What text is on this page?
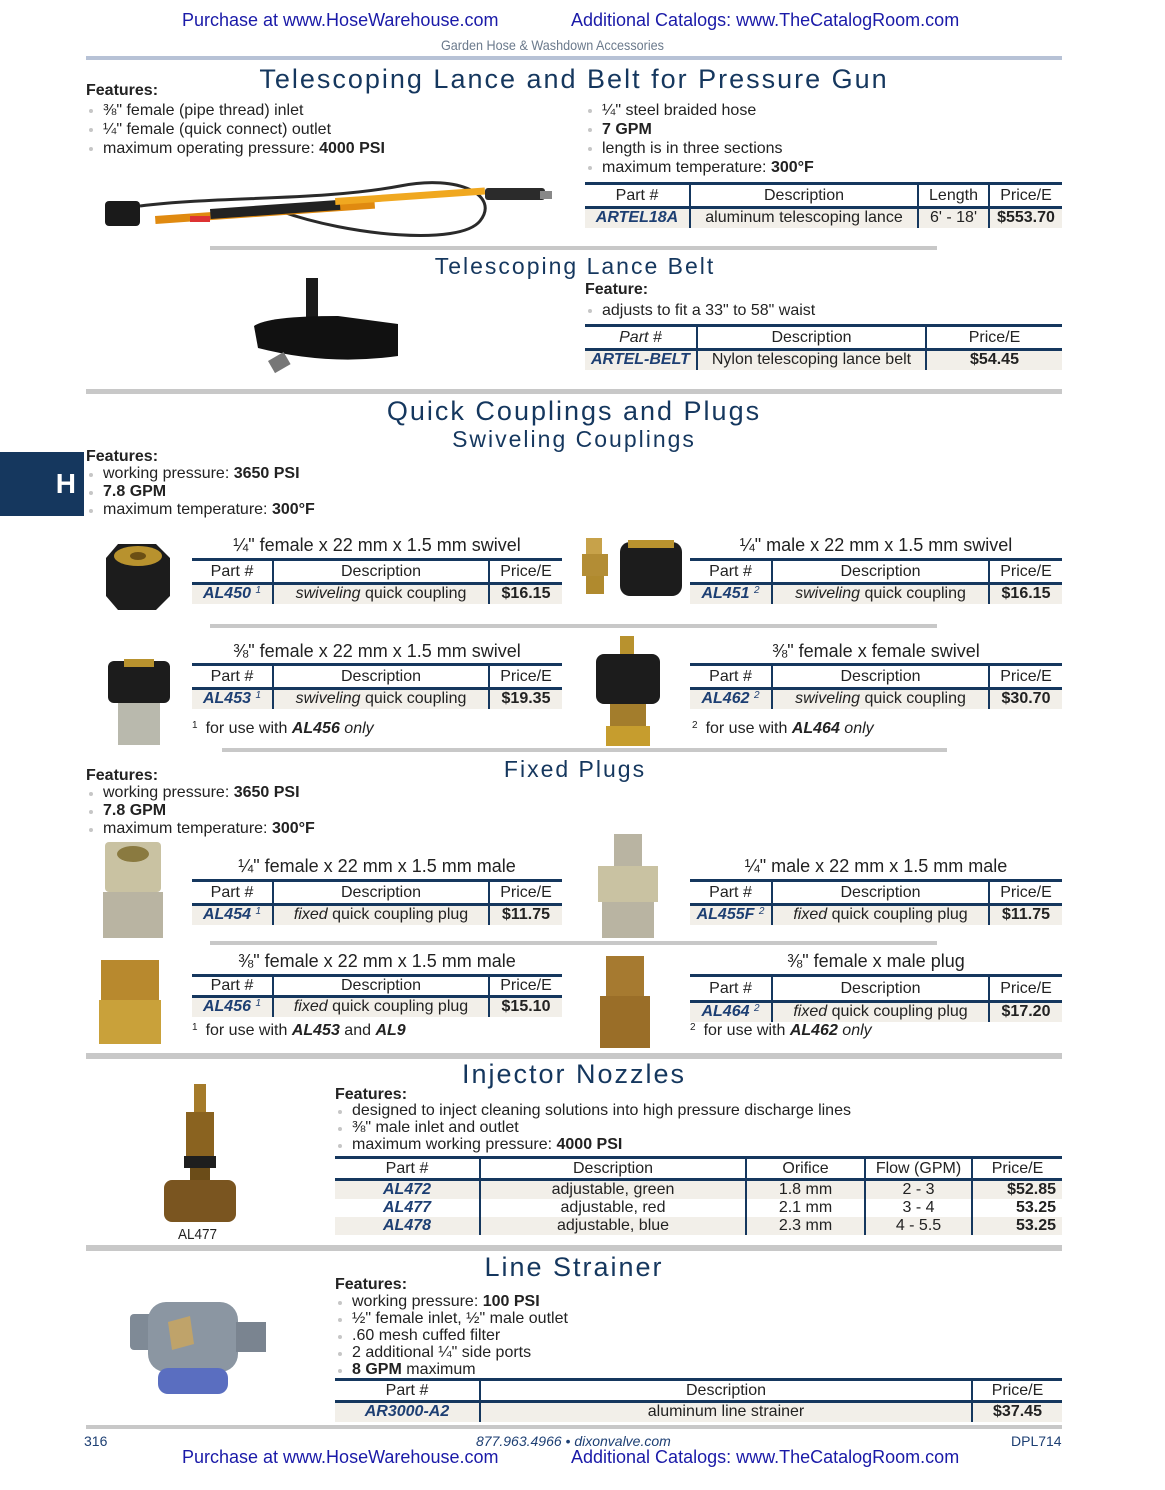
Purchase at www.HoseWarehouse.com	Additional Catalogs: www.TheCatalogRoom.com
Garden Hose & Washdown Accessories
H
Telescoping Lance and Belt for Pressure Gun
Features:
⅜" female (pipe thread) inlet
¼" female (quick connect) outlet
maximum operating pressure: 4000 PSI
¼" steel braided hose
7 GPM
length is in three sections
maximum temperature: 300°F
Part #	Description	Length	Price/E
ARTEL18A	aluminum telescoping lance	6' - 18'	$553.70
Telescoping Lance Belt
Feature:
adjusts to fit a 33" to 58" waist
Part #	Description	Price/E
ARTEL-BELT	Nylon telescoping lance belt	$54.45
Quick Couplings and Plugs
Swiveling Couplings
Features:
working pressure: 3650 PSI
7.8 GPM
maximum temperature: 300°F
¼" female x 22 mm x 1.5 mm swivel	¼" male x 22 mm x 1.5 mm swivel
⅜" female x 22 mm x 1.5 mm swivel	⅜" female x female swivel
Part #	Description	Price/E
AL450 $^1$	swiveling quick coupling	$16.15
Part #	Description	Price/E
AL451 $^2$	swiveling quick coupling	$16.15
Part #	Description	Price/E
AL453 $^1$	swiveling quick coupling	$19.35
Part #	Description	Price/E
AL462 $^2$	swiveling quick coupling	$30.70
$^1$ for use with AL456 only	$^2$ for use with AL464 only
Fixed Plugs
Features:
working pressure: 3650 PSI
7.8 GPM
maximum temperature: 300°F
¼" female x 22 mm x 1.5 mm male	¼" male x 22 mm x 1.5 mm male
Part #	Description	Price/E
AL454 $^1$	fixed quick coupling plug	$11.75
Part #	Description	Price/E
AL455F $^2$	fixed quick coupling plug	$11.75
⅜" female x 22 mm x 1.5 mm male	⅜" female x male plug
Part #	Description	Price/E
AL456 $^1$	fixed quick coupling plug	$15.10
Part #	Description	Price/E
AL464 $^2$	fixed quick coupling plug	$17.20
$^1$ for use with AL453 and AL9	$^2$ for use with AL462 only
Injector Nozzles
AL477
Features:
designed to inject cleaning solutions into high pressure discharge lines
⅜" male inlet and outlet
maximum working pressure: 4000 PSI
Part #	Description	Orifice	Flow (GPM)	Price/E
AL472	adjustable, green	1.8 mm	2 - 3	$52.85
AL477	adjustable, red	2.1 mm	3 - 4	53.25
AL478	adjustable, blue	2.3 mm	4 - 5.5	53.25
Line Strainer
Features:
working pressure: 100 PSI
½" female inlet, ½" male outlet
.60 mesh cuffed filter
2 additional ¼" side ports
8 GPM maximum
Part #	Description	Price/E
AR3000-A2	aluminum line strainer	$37.45
316	877.963.4966 • dixonvalve.com	DPL714
Purchase at www.HoseWarehouse.com	Additional Catalogs: www.TheCatalogRoom.com
